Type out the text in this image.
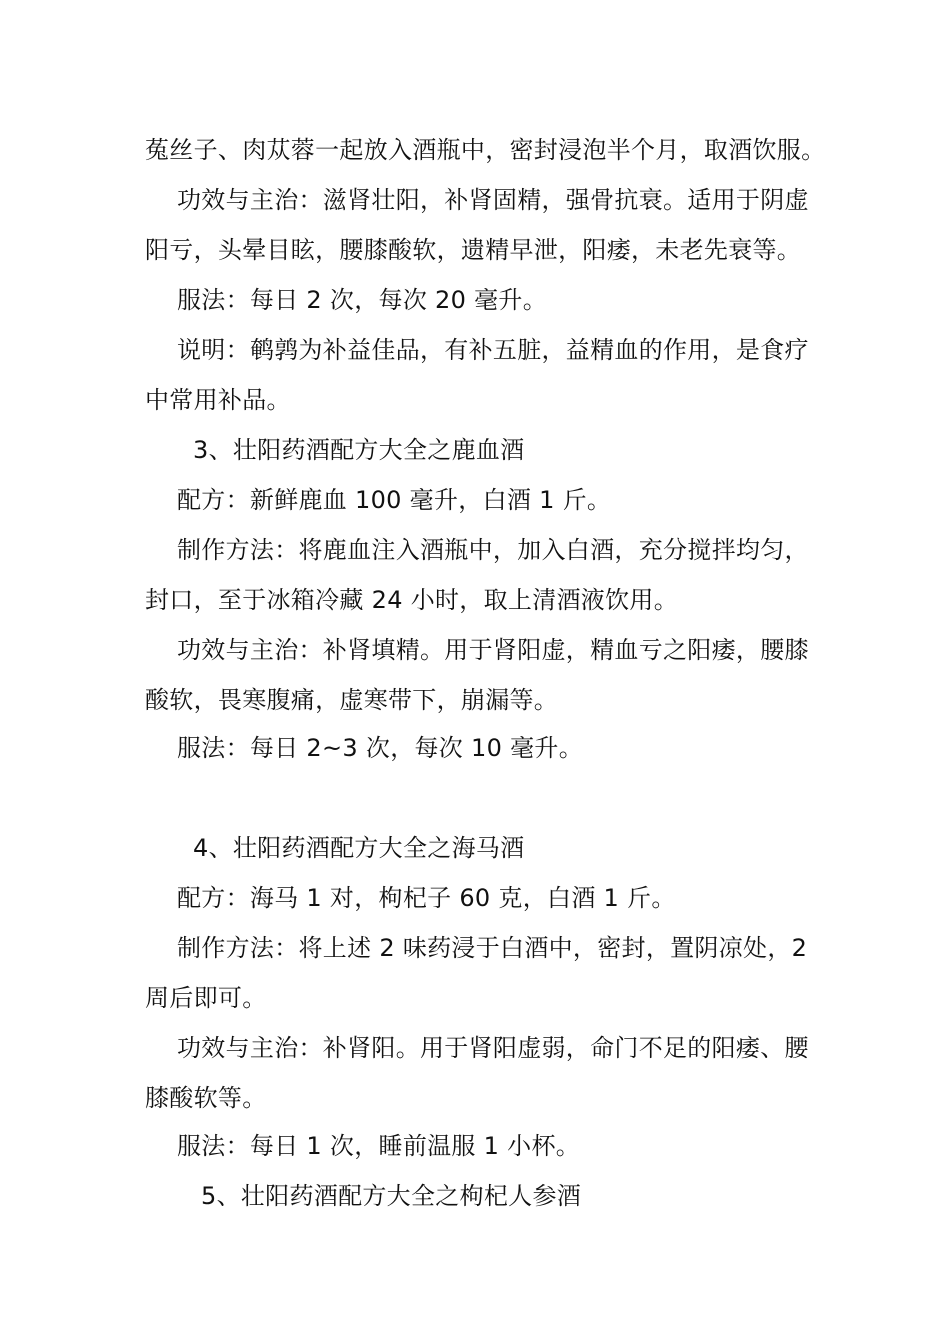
菟丝子、肉苁蓉一起放入酒瓶中，密封浸泡半个月，取酒饮服。
功效与主治：滋肾壮阳，补肾固精，强骨抗衰。适用于阴虚
阳亏，头晕目眩，腰膝酸软，遗精早泄，阳痿，未老先衰等。
服法：每日 2 次，每次 20 毫升。
说明：鹌鹑为补益佳品，有补五脏，益精血的作用，是食疗
中常用补品。
3、壮阳药酒配方大全之鹿血酒
配方：新鲜鹿血 100 毫升，白酒 1 斤。
制作方法：将鹿血注入酒瓶中，加入白酒，充分搅拌均匀，
封口，至于冰箱冷藏 24 小时，取上清酒液饮用。
功效与主治：补肾填精。用于肾阳虚，精血亏之阳痿，腰膝
酸软，畏寒腹痛，虚寒带下，崩漏等。
服法：每日 2~3 次，每次 10 毫升。
4、壮阳药酒配方大全之海马酒
配方：海马 1 对，枸杞子 60 克，白酒 1 斤。
制作方法：将上述 2 味药浸于白酒中，密封，置阴凉处，2
周后即可。
功效与主治：补肾阳。用于肾阳虚弱，命门不足的阳痿、腰
膝酸软等。
服法：每日 1 次，睡前温服 1 小杯。
5、壮阳药酒配方大全之枸杞人参酒
